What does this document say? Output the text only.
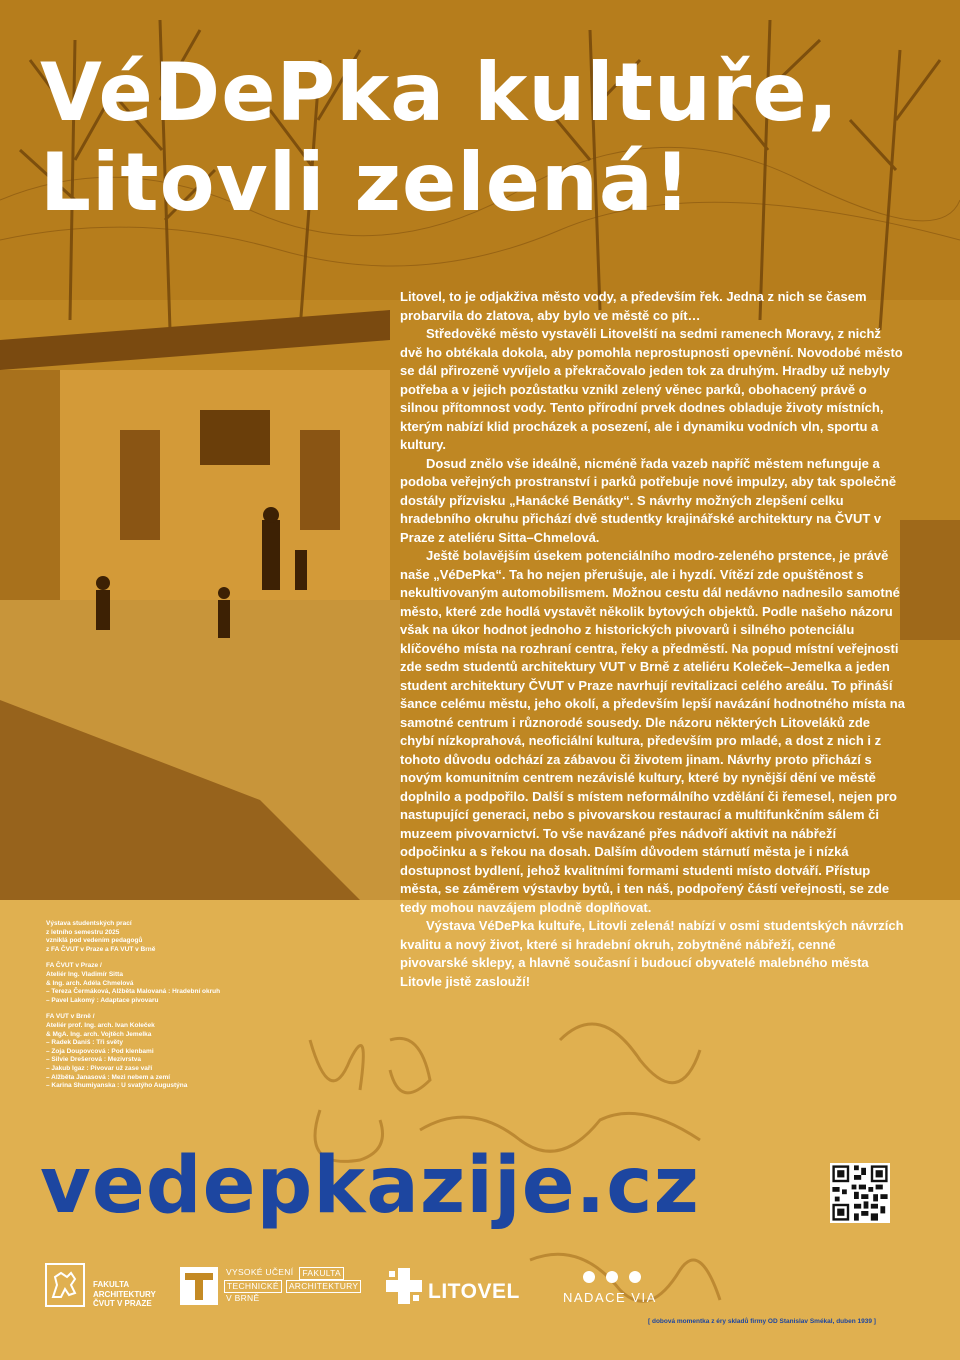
VéDePka kultuře,
Litovli zelená!

Litovel, to je odjakživa město vody, a především řek. Jedna z nich se časem probarvila do zlatova, aby bylo ve městě co pít…

Středověké město vystavěli Litovelští na sedmi ramenech Moravy, z nichž dvě ho obtékala dokola, aby pomohla neprostupnosti opevnění. Novodobé město se dál přirozeně vyvíjelo a překračovalo jeden tok za druhým. Hradby už nebyly potřeba a v jejich pozůstatku vznikl zelený věnec parků, obohacený právě o silnou přítomnost vody. Tento přírodní prvek dodnes obladuje životy místních, kterým nabízí klid procházek a posezení, ale i dynamiku vodních vln, sportu a kultury.

Dosud znělo vše ideálně, nicméně řada vazeb napříč městem nefunguje a podoba veřejných prostranství i parků potřebuje nové impulzy, aby tak společně dostály přízvisku „Hanácké Benátky“. S návrhy možných zlepšení celku hradebního okruhu přichází dvě studentky krajinářské architektury na ČVUT v Praze z ateliéru Sitta–Chmelová.

Ještě bolavějším úsekem potenciálního modro-zeleného prstence, je právě naše „VéDePka“. Ta ho nejen přerušuje, ale i hyzdí. Vítězí zde opuštěnost s nekultivovaným automobilismem. Možnou cestu dál nedávno nadnesilo samotné město, které zde hodlá vystavět několik bytových objektů. Podle našeho názoru však na úkor hodnot jednoho z historických pivovarů i silného potenciálu klíčového místa na rozhraní centra, řeky a předměstí. Na popud místní veřejnosti zde sedm studentů architektury VUT v Brně z ateliéru Koleček–Jemelka a jeden student architektury ČVUT v Praze navrhují revitalizaci celého areálu. To přináší šance celému městu, jeho okolí, a především lepší navázání hodnotného místa na samotné centrum i různorodé sousedy. Dle názoru některých Litoveláků zde chybí nízkoprahová, neoficiální kultura, především pro mladé, a dost z nich i z tohoto důvodu odchází za zábavou či životem jinam. Návrhy proto přichází s novým komunitním centrem nezávislé kultury, které by nynější dění ve městě doplnilo a podpořilo. Další s místem neformálního vzdělání či řemesel, nejen pro nastupující generaci, nebo s pivovarskou restaurací a multifunkčním sálem či muzeem pivovarnictví. To vše navázané přes nádvoří aktivit na nábřeží odpočinku a s řekou na dosah. Dalším důvodem stárnutí města je i nízká dostupnost bydlení, jehož kvalitními formami studenti místo dotváří. Přístup města, se záměrem výstavby bytů, i ten náš, podpořený částí veřejnosti, se zde tedy mohou navzájem plodně doplňovat.

Výstava VéDePka kultuře, Litovli zelená! nabízí v osmi studentských návrzích kvalitu a nový život, které si hradební okruh, zobytněné nábřeží, cenné pivovarské sklepy, a hlavně současní i budoucí obyvatelé malebného města Litovle jistě zaslouží!

Výstava studentských prací
z letního semestru 2025
vzniklá pod vedením pedagogů
z FA ČVUT v Praze a FA VUT v Brně
FA ČVUT v Praze /
Ateliér Ing. Vladimír Sitta
& Ing. arch. Adéla Chmelová
– Tereza Čermáková, Alžběta Malovaná : Hradební okruh
– Pavel Lakomý : Adaptace pivovaru
FA VUT v Brně /
Ateliér prof. Ing. arch. Ivan Koleček
& MgA. Ing. arch. Vojtěch Jemelka
– Radek Daniš : Tři světy
– Zoja Doupovcová : Pod klenbami
– Silvie Drešerová : Mezivrstva
– Jakub Igaz : Pivovar už zase vaří
– Alžběta Janasová : Mezi nebem a zemí
– Karina Shumiyanska : U svatýho Augustýna
vedepkazije.cz
FAKULTA
ARCHITEKTURY
ČVUT V PRAZE
VYSOKÉ UČENÍ	FAKULTA
TECHNICKÉ	ARCHITEKTURY
V BRNĚ	LITOVEL	NADACE VIA
[ dobová momentka z éry skladů firmy OD Stanislav Smékal, duben 1939 ]
